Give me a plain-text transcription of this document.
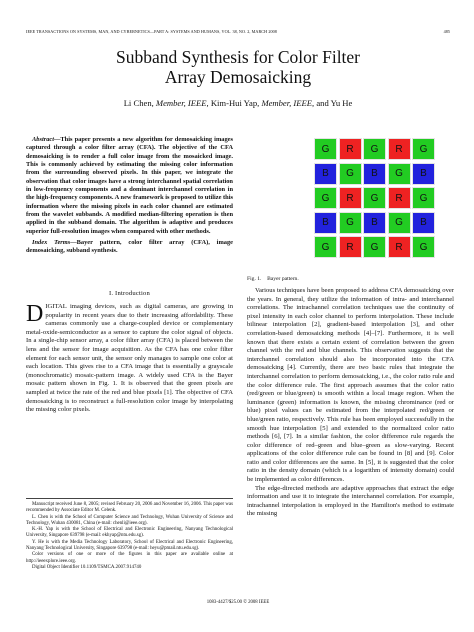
IEEE TRANSACTIONS ON SYSTEMS, MAN, AND CYBERNETICS—PART A: SYSTEMS AND HUMANS, VOL. 38, NO. 2, MARCH 2008	485
Subband Synthesis for Color Filter
Array Demosaicking
Li Chen, Member, IEEE, Kim-Hui Yap, Member, IEEE, and Yu He

Abstract—This paper presents a new algorithm for demosaicking images captured through a color filter array (CFA). The objective of the CFA demosaicking is to render a full color image from the mosaicked image. This is commonly achieved by estimating the missing color information from the surrounding observed pixels. In this paper, we integrate the observation that color images have a strong interchannel spatial correlation in low-frequency components and a dominant interchannel correlation in the high-frequency components. A new framework is proposed to utilize this information where the missing pixels in each color channel are estimated from the wavelet subbands. A modified median-filtering operation is then applied in the subband domain. The algorithm is adaptive and produces superior full-resolution images when compared with other methods.

Index Terms—Bayer pattern, color filter array (CFA), image demosaicking, subband synthesis.

I. Introduction

DIGITAL imaging devices, such as digital cameras, are growing in popularity in recent years due to their increasing affordability. These cameras commonly use a charge-coupled device or complementary metal-oxide-semiconductor as a sensor to capture the color signal of objects. In a single-chip sensor array, a color filter array (CFA) is placed between the lens and the sensor for image acquisition. As the CFA has one color filter element for each sensor unit, the sensor only manages to sample one color at each location. This gives rise to a CFA image that is essentially a grayscale (monochromatic) mosaic-pattern image. A widely used CFA is the Bayer mosaic pattern shown in Fig. 1. It is observed that the green pixels are sampled at twice the rate of the red and blue pixels [1]. The objective of CFA demosaicking is to reconstruct a full-resolution color image by interpolating the missing color pixels.

Manuscript received June 8, 2005; revised February 20, 2006 and November 16, 2006. This paper was recommended by Associate Editor M. Celenk.

L. Chen is with the School of Computer Science and Technology, Wuhan University of Science and Technology, Wuhan 430081, China (e-mail: chenli@ieee.org).

K.-H. Yap is with the School of Electrical and Electronic Engineering, Nanyang Technological University, Singapore 639798 (e-mail: ekhyap@ntu.edu.sg).

Y. He is with the Media Technology Laboratory, School of Electrical and Electronic Engineering, Nanyang Technological University, Singapore 639798 (e-mail: heyu@pmail.ntu.edu.sg).

Color versions of one or more of the figures in this paper are available online at http://ieeexplore.ieee.org.

Digital Object Identifier 10.1109/TSMCA.2007.914740

G	R	G	R	G
B	G	B	G	B
G	R	G	R	G
B	G	B	G	B
G	R	G	R	G
Fig. 1. Bayer pattern.

Various techniques have been proposed to address CFA demosaicking over the years. In general, they utilize the information of intra- and interchannel correlations. The intrachannel correlation techniques use the continuity of pixel intensity in each color channel to perform interpolation. These include bilinear interpolation [2], gradient-based interpolation [3], and other correlation-based demosaicking methods [4]–[7]. Furthermore, it is well known that there exists a certain extent of correlation between the green channel with the red and blue channels. This observation suggests that the interchannel correlation should also be incorporated into the CFA demosaicking [4]. Currently, there are two basic rules that integrate the interchannel correlation to perform demosaicking, i.e., the color ratio rule and the color difference rule. The first approach assumes that the color ratio (red/green or blue/green) is smooth within a local image region. When the luminance (green) information is known, the missing chrominance (red or blue) pixel values can be estimated from the interpolated red/green or blue/green ratio, respectively. This rule has been employed successfully in the smooth hue interpolation [5] and extended to the normalized color ratio methods [6], [7]. In a similar fashion, the color difference rule regards the color difference of red–green and blue–green as slow-varying. Recent applications of the color difference rule can be found in [8] and [9]. Color ratio and color differences are the same. In [5], it is suggested that the color ratio in the density domain (which is a logarithm of intensity domain) could be implemented as color differences.

The edge-directed methods are adaptive approaches that extract the edge information and use it to integrate the interchannel correlation. For example, intrachannel interpolation is employed in the Hamilton's method to estimate the missing

1083-4427/$25.00 © 2008 IEEE
